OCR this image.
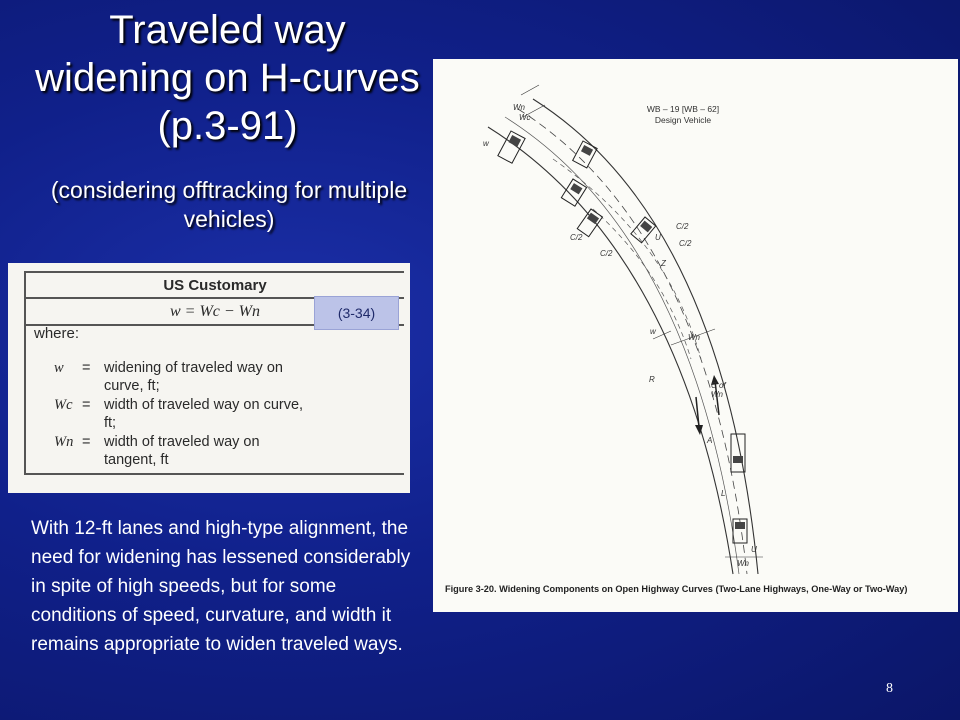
Traveled way widening on H-curves (p.3-91)
(considering offtracking for multiple vehicles)
US Customary
w = Wc − Wn
where:
w = widening of traveled way on curve, ft;
Wc = width of traveled way on curve, ft;
Wn = width of traveled way on tangent, ft
(3-34)
With 12-ft lanes and high-type alignment, the need for widening has lessened considerably in spite of high speeds, but for some conditions of speed, curvature, and width it remains appropriate to widen traveled ways.
WB – 19 [WB – 62]
Design Vehicle
Wn
Wc
w
C/2
C/2
C/2
C/2
U
Z
w
Wn
R
C of Wn
A
L
U
Wn
Figure 3-20. Widening Components on Open Highway Curves (Two-Lane Highways, One-Way or Two-Way)
8
